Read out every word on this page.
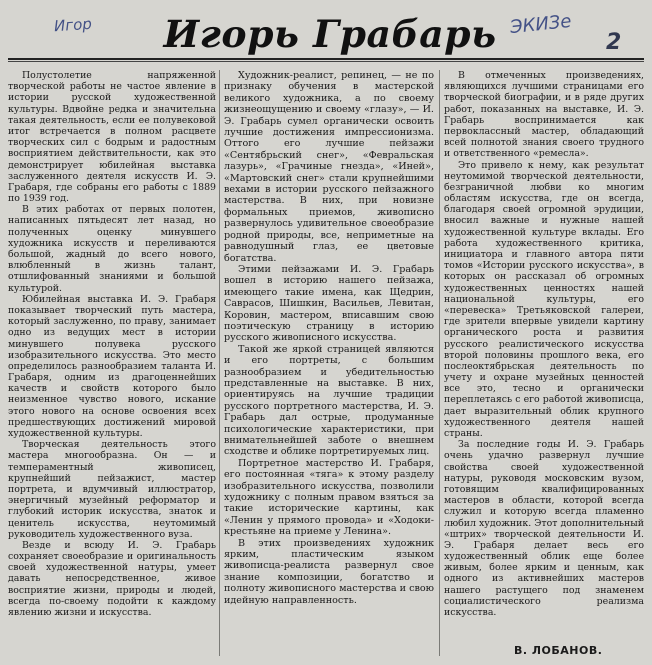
Игор	Игорь Грабарь ЭКИЗе
2

Полустолетие напряженной творческой работы не частое явление в истории русской художественной культуры. Вдвойне редка и значительна такая деятельность, если ее полувековой итог встречается в полном расцвете творческих сил с бодрым и радостным восприятием действительности, как это демонстрирует юбилейная выставка заслуженного деятеля искусств И. Э. Грабаря, где собраны его работы с 1889 по 1939 год.

В этих работах от первых полотен, написанных пятьдесят лет назад, но полученных оценку минувшего художника искусств и переливаются большой, жадный до всего нового, влюбленный в жизнь талант, отшлифованный знаниями и большой культурой.

Юбилейная выставка И. Э. Грабаря показывает творческий путь мастера, который заслуженно, по праву, занимает одно из ведущих мест в истории минувшего полувека русского изобразительного искусства. Это место определилось разнообразием таланта И. Грабаря, одним из драгоценнейших качеств и свойств которого было неизменное чувство нового, искание этого нового на основе освоения всех предшествующих достижений мировой художественной культуры.

Творческая деятельность этого мастера многообразна. Он — и темпераментный живописец, крупнейший пейзажист, мастер портрета, и вдумчивый иллюстратор, энергичный музейный реформатор и глубокий историк искусства, знаток и ценитель искусства, неутомимый руководитель художественного вуза.

Везде и всюду И. Э. Грабарь сохраняет своеобразие и оригинальность своей художественной натуры, умеет давать непосредственное, живое восприятие жизни, природы и людей, всегда по-своему подойти к каждому явлению жизни и искусства.

Художник-реалист, репинец, — не по признаку обучения в мастерской великого художника, а по своему жизнеощущению и своему «глазу», — И. Э. Грабарь сумел органически освоить лучшие достижения импрессионизма. Оттого его лучшие пейзажи «Сентябрьский снег», «Февральская лазурь», «Грачиные гнезда», «Иней», «Мартовский снег» стали крупнейшими вехами в истории русского пейзажного мастерства. В них, при новизне формальных приемов, живописно развернулось удивительное своеобразие родной природы, все, неприметные на равнодушный глаз, ее цветовые богатства.

Этими пейзажами И. Э. Грабарь вошел в историю нашего пейзажа, имеющего такие имена, как Щедрин, Саврасов, Шишкин, Васильев, Левитан, Коровин, мастером, вписавшим свою поэтическую страницу в историю русского живописного искусства.

Такой же яркой страницей являются и его портреты, с большим разнообразием и убедительностью представленные на выставке. В них, ориентируясь на лучшие традиции русского портретного мастерства, И. Э. Грабарь дал острые, продуманные психологические характеристики, при внимательнейшей заботе о внешнем сходстве и облике портретируемых лиц.

Портретное мастерство И. Грабаря, его постоянная «тяга» к этому разделу изобразительного искусства, позволили художнику с полным правом взяться за такие исторические картины, как «Ленин у прямого провода» и «Ходоки-крестьяне на приеме у Ленина».

В этих произведениях художник ярким, пластическим языком живописца-реалиста развернул свое знание композиции, богатство и полноту живописного мастерства и свою идейную направленность.

В отмеченных произведениях, являющихся лучшими страницами его творческой биографии, и в ряде других работ, показанных на выставке, И. Э. Грабарь воспринимается как первоклассный мастер, обладающий всей полнотой знания своего трудного и ответственного «ремесла».

Это привело к нему, как результат неутомимой творческой деятельности, безграничной любви ко многим областям искусства, где он всегда, благодаря своей огромной эрудиции, вносил важные и нужные нашей художественной культуре вклады. Его работа художественного критика, инициатора и главного автора пяти томов «Истории русского искусства», в которых он рассказал об огромных художественных ценностях нашей национальной культуры, его «перевеска» Третьяковской галереи, где зрители впервые увидели картину органического роста и развития русского реалистического искусства второй половины прошлого века, его послеоктябрьская деятельность по учету и охране музейных ценностей все это, тесно и органически переплетаясь с его работой живописца, дает выразительный облик крупного художественного деятеля нашей страны.

За последние годы И. Э. Грабарь очень удачно развернул лучшие свойства своей художественной натуры, руководя московским вузом, готовящим квалифицированных мастеров в области, которой всегда служил и которую всегда пламенно любил художник. Этот дополнительный «штрих» творческой деятельности И. Э. Грабаря делает весь его художественный облик еще более живым, более ярким и ценным, как одного из активнейших мастеров нашего растущего под знаменем социалистического реализма искусства.

В. ЛОБАНОВ.
